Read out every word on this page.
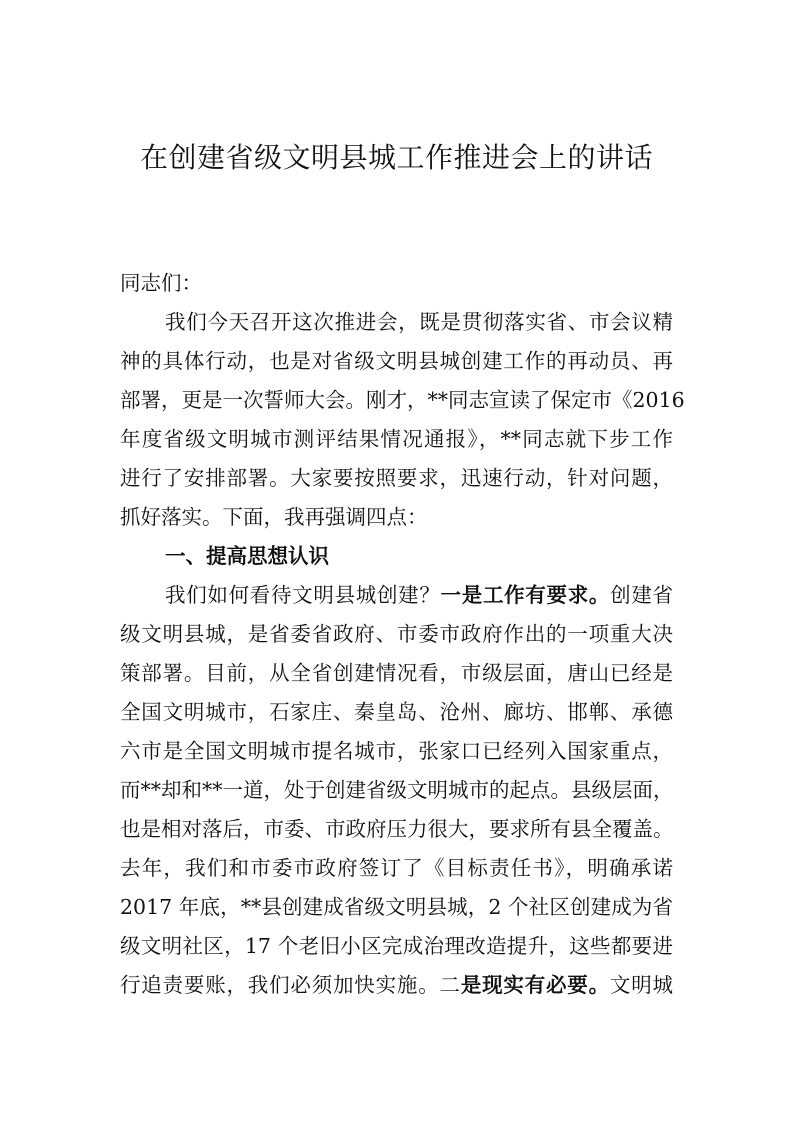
在创建省级文明县城工作推进会上的讲话
同志们：
我们今天召开这次推进会，既是贯彻落实省、市会议精
神的具体行动，也是对省级文明县城创建工作的再动员、再
部署，更是一次誓师大会。刚才，**同志宣读了保定市《2016
年度省级文明城市测评结果情况通报》，**同志就下步工作
进行了安排部署。大家要按照要求，迅速行动，针对问题，
抓好落实。下面，我再强调四点：
一、提高思想认识
我们如何看待文明县城创建？一是工作有要求。创建省
级文明县城，是省委省政府、市委市政府作出的一项重大决
策部署。目前，从全省创建情况看，市级层面，唐山已经是
全国文明城市，石家庄、秦皇岛、沧州、廊坊、邯郸、承德
六市是全国文明城市提名城市，张家口已经列入国家重点，
而**却和**一道，处于创建省级文明城市的起点。县级层面，
也是相对落后，市委、市政府压力很大，要求所有县全覆盖。
去年，我们和市委市政府签订了《目标责任书》，明确承诺
2017 年底，**县创建成省级文明县城，2 个社区创建成为省
级文明社区，17 个老旧小区完成治理改造提升，这些都要进
行追责要账，我们必须加快实施。二是现实有必要。文明城
